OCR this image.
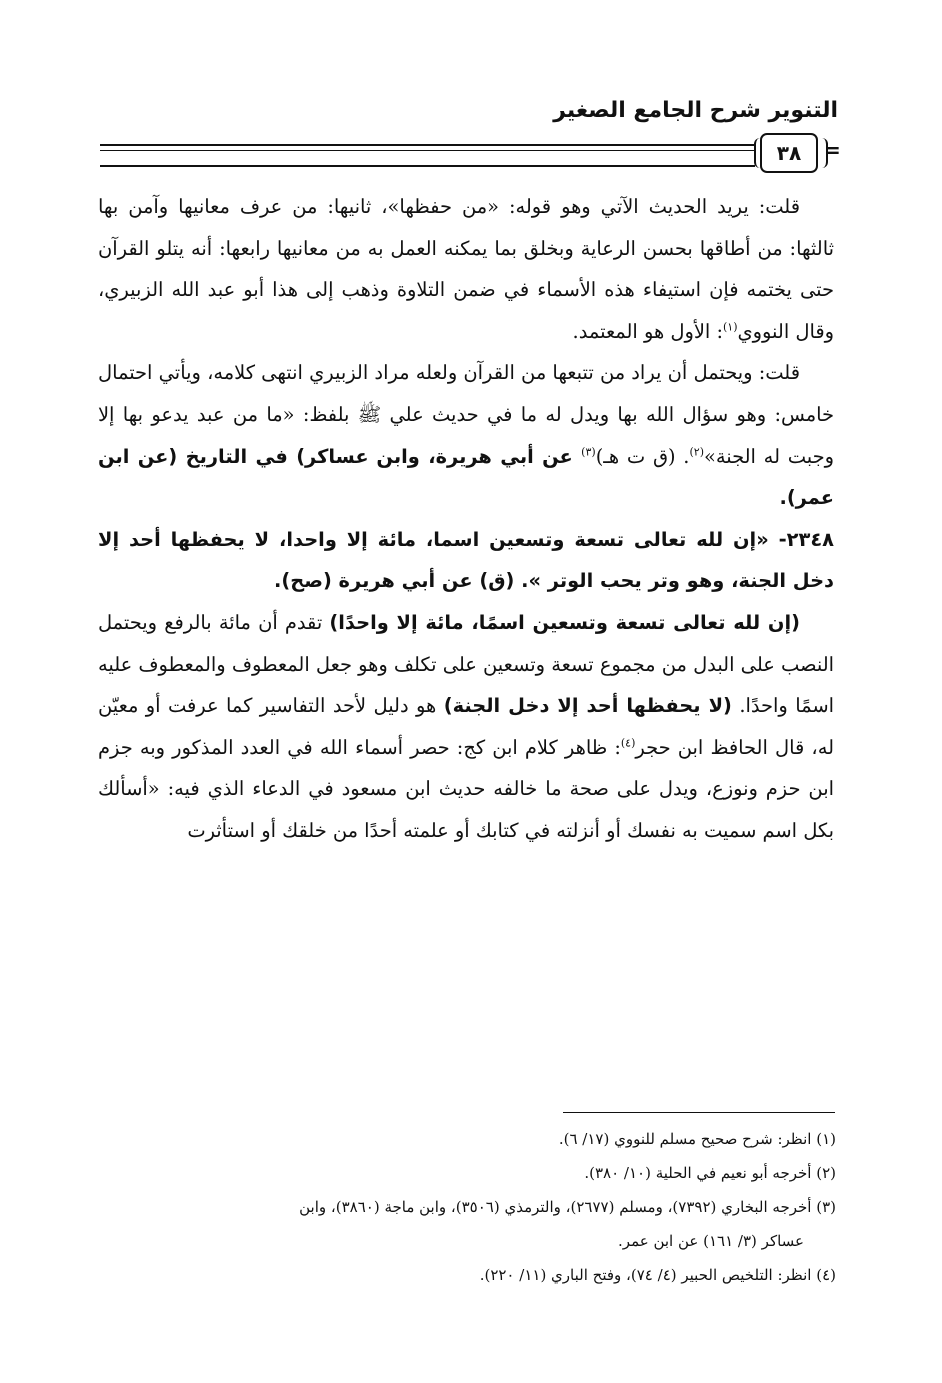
التنوير شرح الجامع الصغير
٣٨	=

قلت: يريد الحديث الآتي وهو قوله: «من حفظها»، ثانيها: من عرف معانيها وآمن بها ثالثها: من أطاقها بحسن الرعاية وبخلق بما يمكنه العمل به من معانيها رابعها: أنه يتلو القرآن حتى يختمه فإن استيفاء هذه الأسماء في ضمن التلاوة وذهب إلى هذا أبو عبد الله الزبيري، وقال النووي$^{(١)}$: الأول هو المعتمد.

قلت: ويحتمل أن يراد من تتبعها من القرآن ولعله مراد الزبيري انتهى كلامه، ويأتي احتمال خامس: وهو سؤال الله بها ويدل له ما في حديث علي ﷺ بلفظ: «ما من عبد يدعو بها إلا وجبت له الجنة»$^{(٢)}$. (ق ت هـ)$^{(٣)}$ عن أبي هريرة، وابن عساكر) في التاريخ (عن ابن عمر).

٢٣٤٨- «إن لله تعالى تسعة وتسعين اسما، مائة إلا واحدا، لا يحفظها أحد إلا دخل الجنة، وهو وتر يحب الوتر ». (ق) عن أبي هريرة (صح).

(إن لله تعالى تسعة وتسعين اسمًا، مائة إلا واحدًا) تقدم أن مائة بالرفع ويحتمل النصب على البدل من مجموع تسعة وتسعين على تكلف وهو جعل المعطوف والمعطوف عليه اسمًا واحدًا. (لا يحفظها أحد إلا دخل الجنة) هو دليل لأحد التفاسير كما عرفت أو معيّن له، قال الحافظ ابن حجر$^{(٤)}$: ظاهر كلام ابن كج: حصر أسماء الله في العدد المذكور وبه جزم ابن حزم ونوزع، ويدل على صحة ما خالفه حديث ابن مسعود في الدعاء الذي فيه: «أسألك بكل اسم سميت به نفسك أو أنزلته في كتابك أو علمته أحدًا من خلقك أو استأثرت

(١) انظر: شرح صحيح مسلم للنووي (١٧/ ٦).
(٢) أخرجه أبو نعيم في الحلية (١٠/ ٣٨٠).
(٣) أخرجه البخاري (٧٣٩٢)، ومسلم (٢٦٧٧)، والترمذي (٣٥٠٦)، وابن ماجة (٣٨٦٠)، وابن
عساكر (٣/ ١٦١) عن ابن عمر.
(٤) انظر: التلخيص الحبير (٤/ ٧٤)، وفتح الباري (١١/ ٢٢٠).
